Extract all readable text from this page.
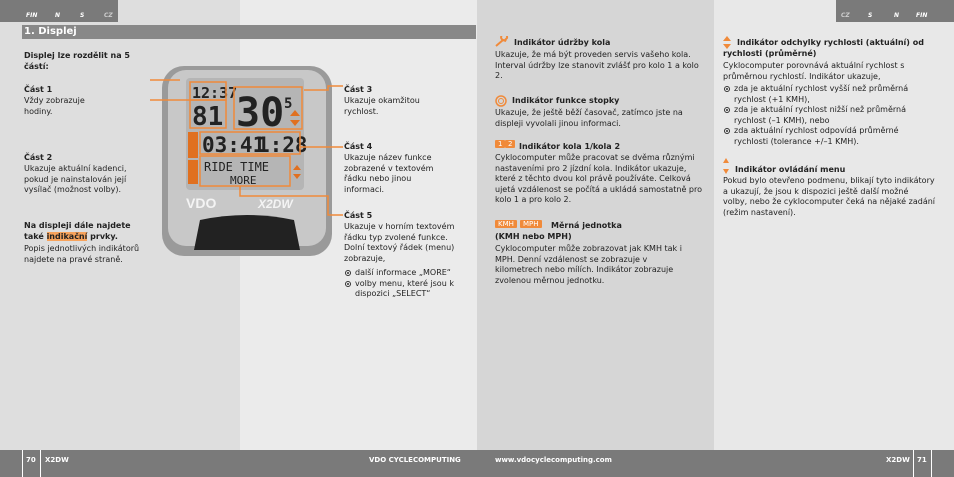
FIN	N	S	CZ	CZ	S	N	FIN
1. Displej
Displej lze rozdělit na 5 částí:
Část 1
Vždy zobrazuje hodiny.
Část 2
Ukazuje aktuální kadenci, pokud je nainstalován její vysílač (možnost volby).
Na displeji dále najdete také indikační prvky.
Popis jednotlivých indikátorů najdete na pravé straně.
12:37
81 30 5
03:41
1:28
RIDE TIME
MORE
VDO	X2DW
Část 3
Ukazuje okamžitou rychlost.
Část 4
Ukazuje název funkce zobrazené v textovém řádku nebo jinou informaci.
Část 5
Ukazuje v horním textovém řádku typ zvolené funkce. Dolní textový řádek (menu) zobrazuje,
další informace „MORE“
volby menu, které jsou k dispozici „SELECT“
Indikátor údržby kola
Ukazuje, že má být proveden servis vašeho kola. Interval údržby lze stanovit zvlášť pro kolo 1 a kolo 2.
Indikátor funkce stopky
Ukazuje, že ještě běží časovač, zatímco jste na displeji vyvolali jinou informaci.
1 2 Indikátor kola 1/kola 2
Cyklocomputer může pracovat se dvěma různými nastaveními pro 2 jízdní kola. Indikátor ukazuje, které z těchto dvou kol právě používáte. Celková ujetá vzdálenost se počítá a ukládá samostatně pro kolo 1 a pro kolo 2.
KMH	MPH	Měrná jednotka
(KMH nebo MPH)
Cyklocomputer může zobrazovat jak KMH tak i MPH. Denní vzdálenost se zobrazuje v kilometrech nebo mílích. Indikátor zobrazuje zvolenou měrnou jednotku.
Indikátor odchylky rychlosti (aktuální) od rychlosti (průměrné)
Cyklocomputer porovnává aktuální rychlost s průměrnou rychlostí. Indikátor ukazuje,
zda je aktuální rychlost vyšší než průměrná rychlost (+1 KMH),
zda je aktuální rychlost nižší než průměrná rychlost (–1 KMH), nebo
zda aktuální rychlost odpovídá průměrné rychlosti (tolerance +/–1 KMH).
Indikátor ovládání menu
Pokud bylo otevřeno podmenu, blikají tyto indikátory a ukazují, že jsou k dispozici ještě další možné volby, nebo že cyklocomputer čeká na nějaké zadání (režim nastavení).
70 X2DW	VDO CYCLECOMPUTING	www.vdocyclecomputing.com	X2DW 71
